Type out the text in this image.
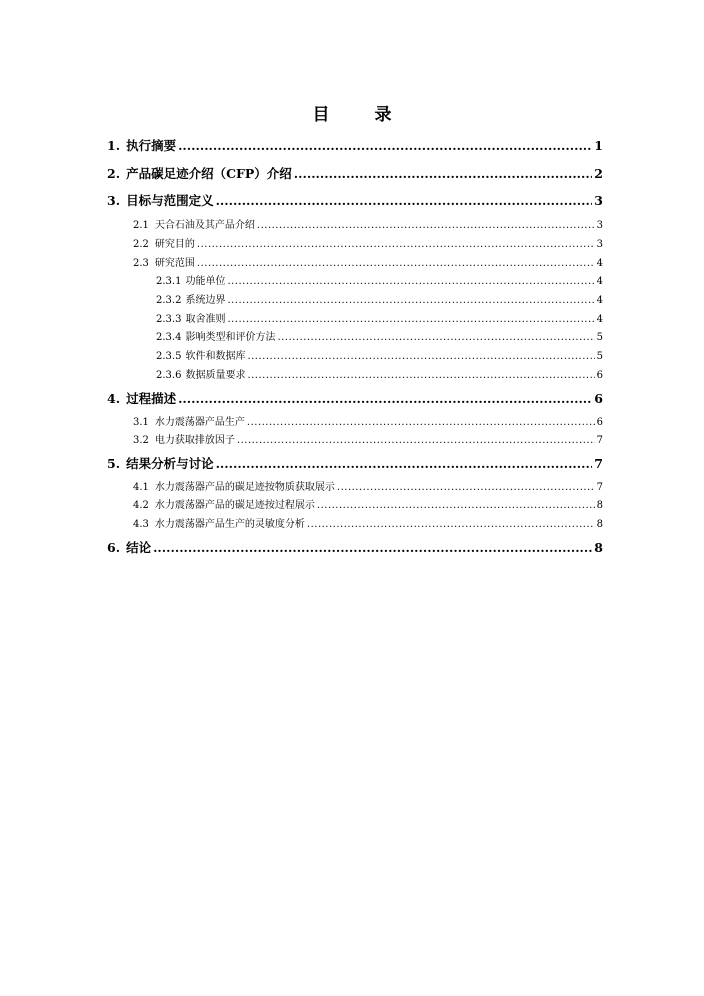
目　录
1. 执行摘要 .....	1
2. 产品碳足迹介绍（CFP）介绍 .....	2
3. 目标与范围定义 .....	3
2.1 天合石油及其产品介绍 .....	3
2.2 研究目的 .....	3
2.3 研究范围 .....	4
2.3.1 功能单位 .....	4
2.3.2 系统边界 .....	4
2.3.3 取舍准则 .....	4
2.3.4 影响类型和评价方法 .....	5
2.3.5 软件和数据库 .....	5
2.3.6 数据质量要求 .....	6
4. 过程描述 .....	6
3.1 水力震荡器产品生产 .....	6
3.2 电力获取排放因子 .....	7
5. 结果分析与讨论 .....	7
4.1 水力震荡器产品的碳足迹按物质获取展示 .....	7
4.2 水力震荡器产品的碳足迹按过程展示 .....	8
4.3 水力震荡器产品生产的灵敏度分析 .....	8
6. 结论 .....	8
